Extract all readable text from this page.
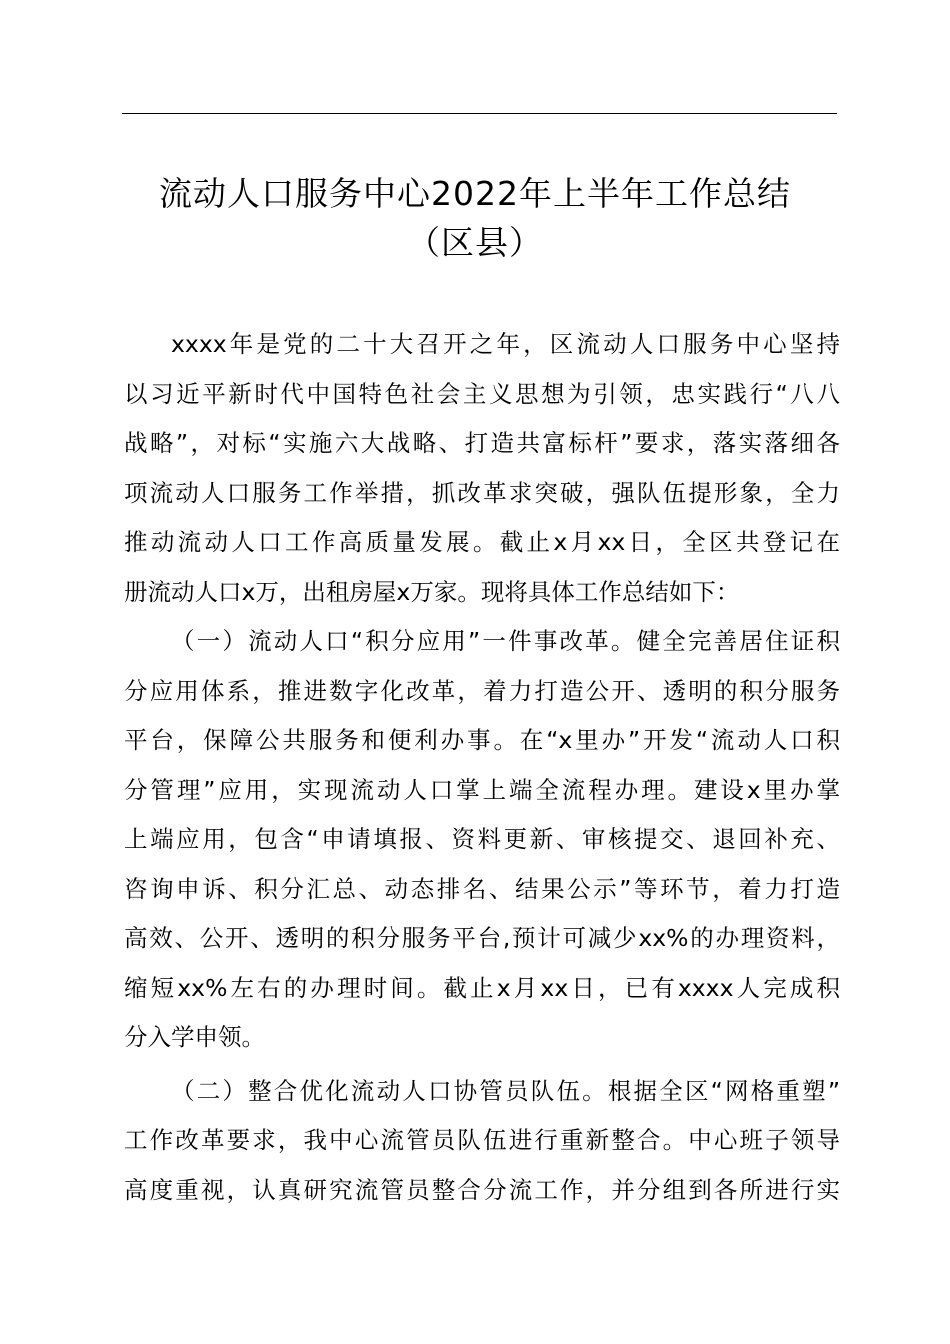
流动人口服务中心2022年上半年工作总结
（区县）
xxxx年是党的二十大召开之年，区流动人口服务中心坚持
以习近平新时代中国特色社会主义思想为引领，忠实践行“八八
战略”，对标“实施六大战略、打造共富标杆”要求，落实落细各
项流动人口服务工作举措，抓改革求突破，强队伍提形象，全力
推动流动人口工作高质量发展。截止x月xx日，全区共登记在
册流动人口x万，出租房屋x万家。现将具体工作总结如下：
（一）流动人口“积分应用”一件事改革。健全完善居住证积
分应用体系，推进数字化改革，着力打造公开、透明的积分服务
平台，保障公共服务和便利办事。在“x里办”开发“流动人口积
分管理”应用，实现流动人口掌上端全流程办理。建设x里办掌
上端应用，包含“申请填报、资料更新、审核提交、退回补充、
咨询申诉、积分汇总、动态排名、结果公示”等环节，着力打造
高效、公开、透明的积分服务平台,预计可减少xx%的办理资料，
缩短xx%左右的办理时间。截止x月xx日，已有xxxx人完成积
分入学申领。
（二）整合优化流动人口协管员队伍。根据全区“网格重塑”
工作改革要求，我中心流管员队伍进行重新整合。中心班子领导
高度重视，认真研究流管员整合分流工作，并分组到各所进行实
